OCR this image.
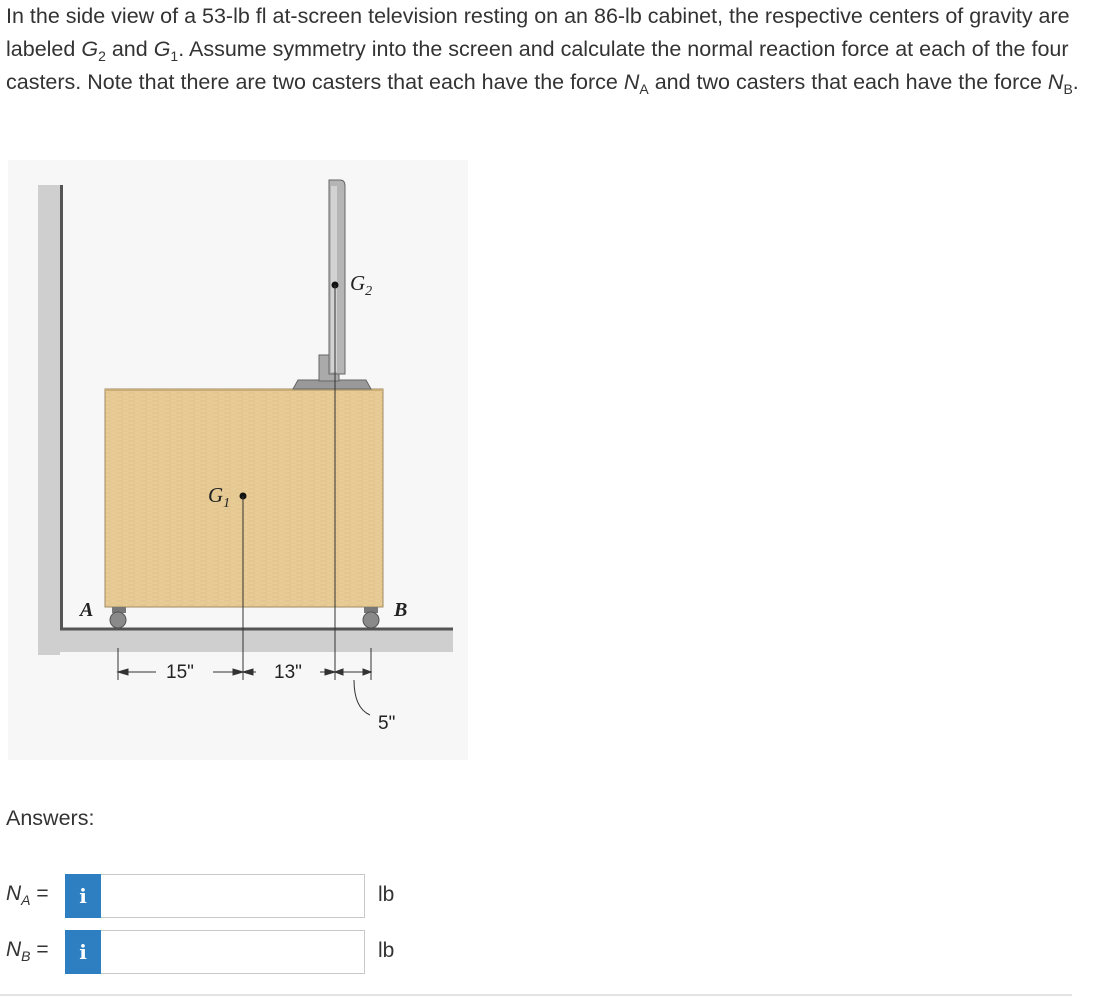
In the side view of a 53-lb fl at-screen television resting on an 86-lb cabinet, the respective centers of gravity are labeled $G_2$ and $G_1$. Assume symmetry into the screen and calculate the normal reaction force at each of the four casters. Note that there are two casters that each have the force $N_A$ and two casters that each have the force $N_B$.

$G_2$
$G_1$
A	B
15"	13"
5"
Answers:
$N_A$ =	i	lb
$N_B$ =	i	lb
